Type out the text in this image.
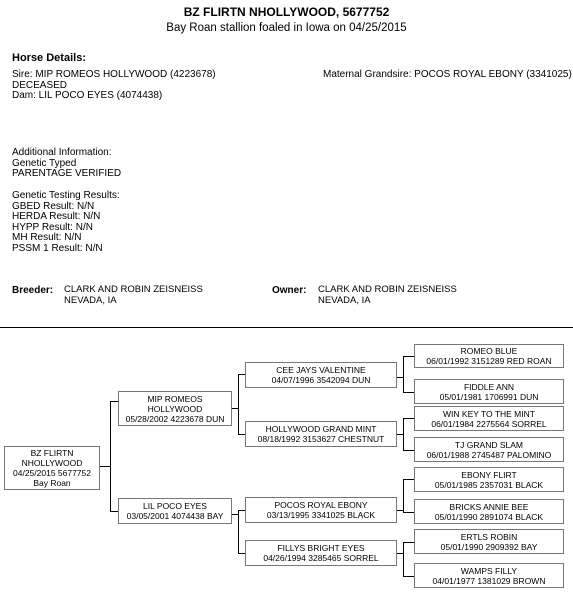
BZ FLIRTN NHOLLYWOOD, 5677752
Bay Roan stallion foaled in Iowa on 04/25/2015
Horse Details:
Sire: MIP ROMEOS HOLLYWOOD (4223678)
DECEASED
Dam: LIL POCO EYES (4074438)
Maternal Grandsire: POCOS ROYAL EBONY (3341025)
Additional Information:
Genetic Typed
PARENTAGE VERIFIED
Genetic Testing Results:
GBED Result: N/N
HERDA Result: N/N
HYPP Result: N/N
MH Result: N/N
PSSM 1 Result: N/N
Breeder: CLARK AND ROBIN ZEISNEISS
NEVADA, IA
Owner: CLARK AND ROBIN ZEISNEISS
NEVADA, IA
BZ FLIRTN NHOLLYWOOD
04/25/2015 5677752 Bay Roan
MIP ROMEOS HOLLYWOOD
05/28/2002 4223678 DUN
LIL POCO EYES
03/05/2001 4074438 BAY
CEE JAYS VALENTINE
04/07/1996 3542094 DUN
HOLLYWOOD GRAND MINT
08/18/1992 3153627 CHESTNUT
POCOS ROYAL EBONY
03/13/1995 3341025 BLACK
FILLYS BRIGHT EYES
04/26/1994 3285465 SORREL
ROMEO BLUE
06/01/1992 3151289 RED ROAN
FIDDLE ANN
05/01/1981 1706991 DUN
WIN KEY TO THE MINT
06/01/1984 2275564 SORREL
TJ GRAND SLAM
06/01/1988 2745487 PALOMINO
EBONY FLIRT
05/01/1985 2357031 BLACK
BRICKS ANNIE BEE
05/01/1990 2891074 BLACK
ERTLS ROBIN
05/01/1990 2909392 BAY
WAMPS FILLY
04/01/1977 1381029 BROWN
